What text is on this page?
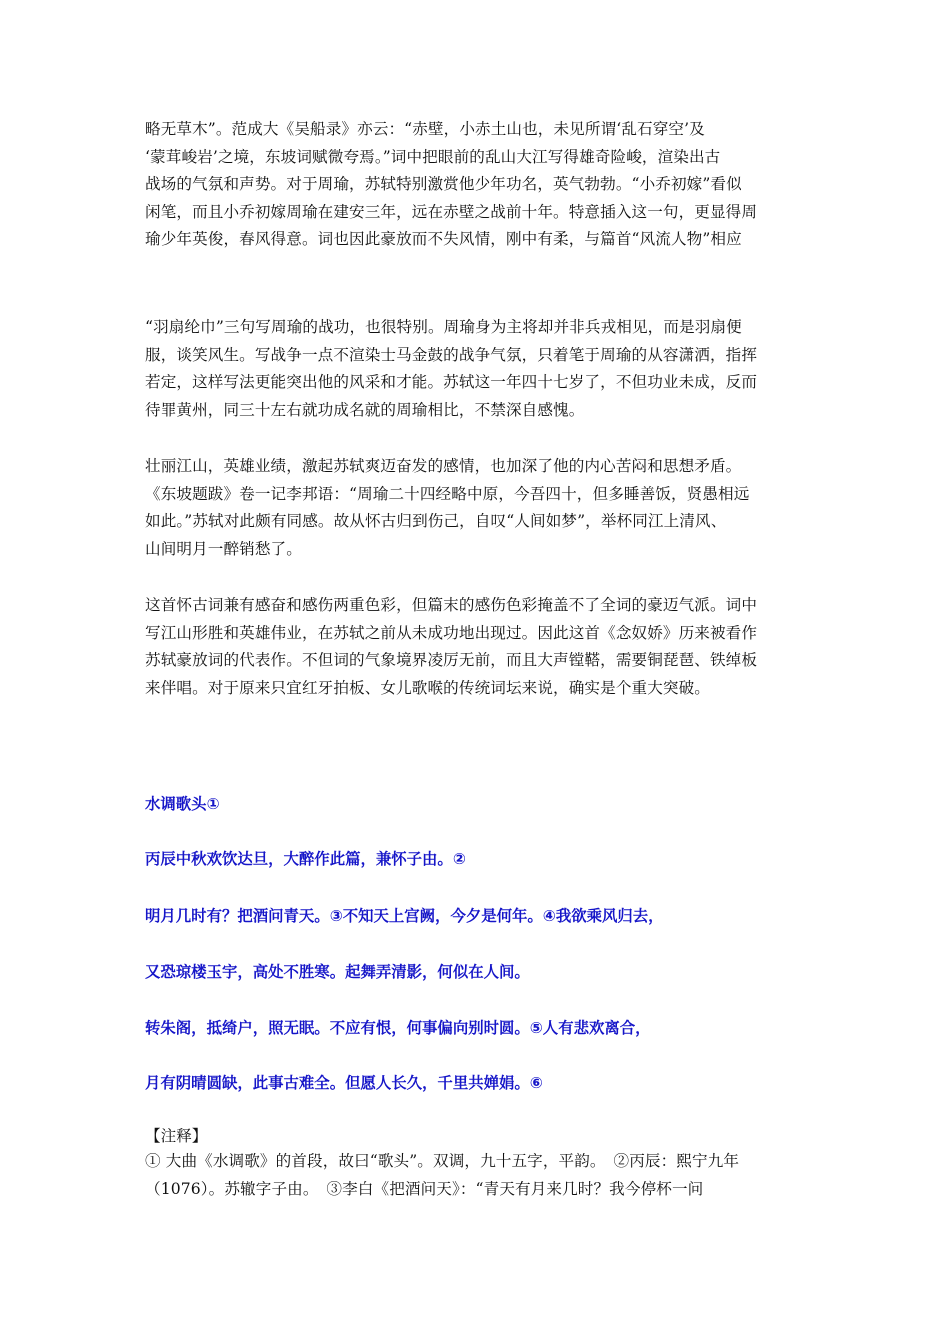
略无草木”。范成大《吴船录》亦云：“赤壁，小赤土山也，未见所谓‘乱石穿空’及
‘蒙茸峻岩’之境，东坡词赋微夸焉。”词中把眼前的乱山大江写得雄奇险峻，渲染出古
战场的气氛和声势。对于周瑜，苏轼特别激赏他少年功名，英气勃勃。“小乔初嫁”看似
闲笔，而且小乔初嫁周瑜在建安三年，远在赤壁之战前十年。特意插入这一句，更显得周
瑜少年英俊，春风得意。词也因此豪放而不失风情，刚中有柔，与篇首“风流人物”相应
“羽扇纶巾”三句写周瑜的战功，也很特别。周瑜身为主将却并非兵戎相见，而是羽扇便
服，谈笑风生。写战争一点不渲染士马金鼓的战争气氛，只着笔于周瑜的从容潇洒，指挥
若定，这样写法更能突出他的风采和才能。苏轼这一年四十七岁了，不但功业未成，反而
待罪黄州，同三十左右就功成名就的周瑜相比，不禁深自感愧。
壮丽江山，英雄业绩，激起苏轼爽迈奋发的感情，也加深了他的内心苦闷和思想矛盾。
《东坡题跋》卷一记李邦语：“周瑜二十四经略中原，今吾四十，但多睡善饭，贤愚相远
如此。”苏轼对此颇有同感。故从怀古归到伤己，自叹“人间如梦”，举杯同江上清风、
山间明月一醉销愁了。
这首怀古词兼有感奋和感伤两重色彩，但篇末的感伤色彩掩盖不了全词的豪迈气派。词中
写江山形胜和英雄伟业，在苏轼之前从未成功地出现过。因此这首《念奴娇》历来被看作
苏轼豪放词的代表作。不但词的气象境界凌厉无前，而且大声镗鞳，需要铜琵琶、铁绰板
来伴唱。对于原来只宜红牙拍板、女儿歌喉的传统词坛来说，确实是个重大突破。
水调歌头①
丙辰中秋欢饮达旦，大醉作此篇，兼怀子由。②
明月几时有？把酒问青天。③不知天上宫阙，今夕是何年。④我欲乘风归去，
又恐琼楼玉宇，高处不胜寒。起舞弄清影，何似在人间。
转朱阁，抵绮户，照无眠。不应有恨，何事偏向别时圆。⑤人有悲欢离合，
月有阴晴圆缺，此事古难全。但愿人长久，千里共婵娟。⑥
【注释】
① 大曲《水调歌》的首段，故曰“歌头”。双调，九十五字，平韵。　②丙辰：熙宁九年
（1076）。苏辙字子由。　③李白《把酒问天》：“青天有月来几时？我今停杯一问
